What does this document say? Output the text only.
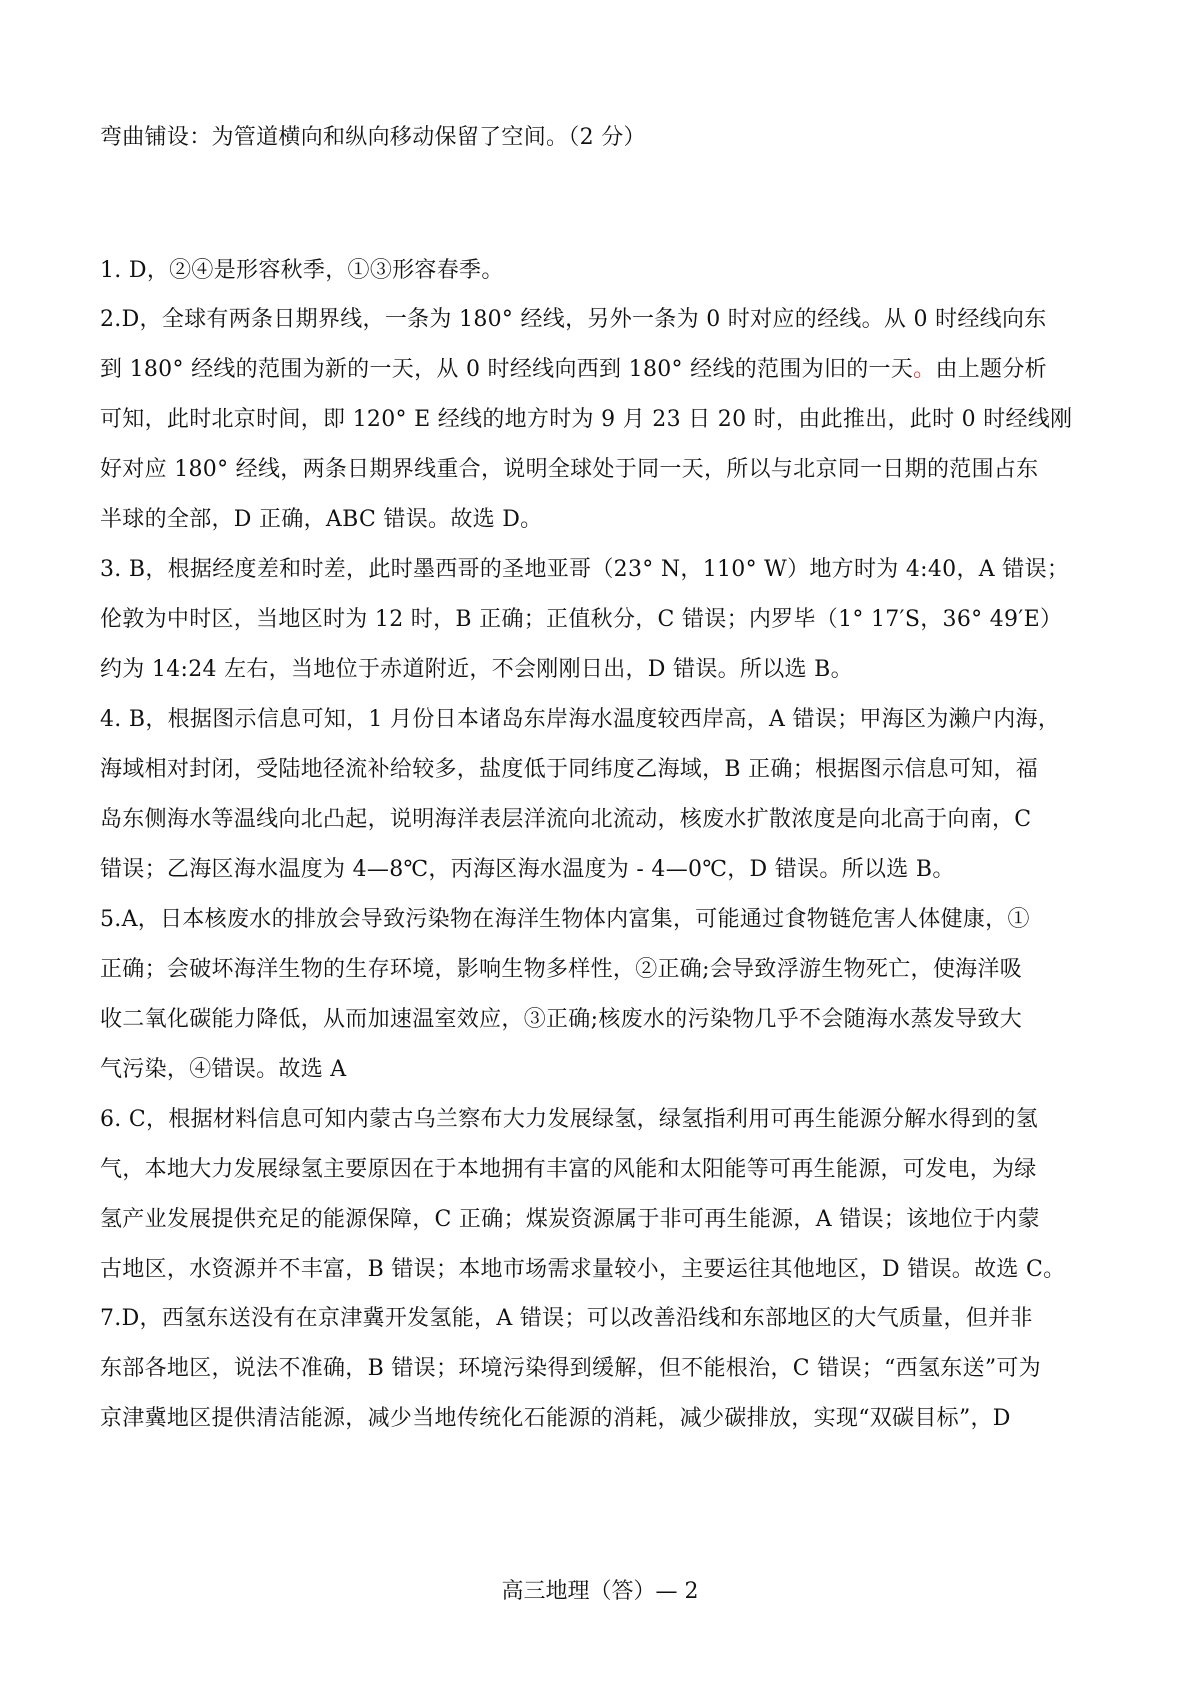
弯曲铺设：为管道横向和纵向移动保留了空间。（2 分）
1. D，②④是形容秋季，①③形容春季。
2.D，全球有两条日期界线，一条为 180° 经线，另外一条为 0 时对应的经线。从 0 时经线向东
到 180° 经线的范围为新的一天，从 0 时经线向西到 180° 经线的范围为旧的一天。由上题分析
可知，此时北京时间，即 120° E 经线的地方时为 9 月 23 日 20 时，由此推出，此时 0 时经线刚
好对应 180° 经线，两条日期界线重合，说明全球处于同一天，所以与北京同一日期的范围占东
半球的全部，D 正确，ABC 错误。故选 D。
3. B，根据经度差和时差，此时墨西哥的圣地亚哥（23° N，110° W）地方时为 4:40，A 错误；
伦敦为中时区，当地区时为 12 时，B 正确；正值秋分，C 错误；内罗毕（1° 17′S，36° 49′E）
约为 14:24 左右，当地位于赤道附近，不会刚刚日出，D 错误。所以选 B。
4. B，根据图示信息可知，1 月份日本诸岛东岸海水温度较西岸高，A 错误；甲海区为濑户内海，
海域相对封闭，受陆地径流补给较多，盐度低于同纬度乙海域，B 正确；根据图示信息可知，福
岛东侧海水等温线向北凸起，说明海洋表层洋流向北流动，核废水扩散浓度是向北高于向南，C
错误；乙海区海水温度为 4—8℃，丙海区海水温度为 - 4—0℃，D 错误。所以选 B。
5.A，日本核废水的排放会导致污染物在海洋生物体内富集，可能通过食物链危害人体健康，①
正确；会破坏海洋生物的生存环境，影响生物多样性，②正确;会导致浮游生物死亡，使海洋吸
收二氧化碳能力降低，从而加速温室效应，③正确;核废水的污染物几乎不会随海水蒸发导致大
气污染，④错误。故选 A
6. C，根据材料信息可知内蒙古乌兰察布大力发展绿氢，绿氢指利用可再生能源分解水得到的氢
气，本地大力发展绿氢主要原因在于本地拥有丰富的风能和太阳能等可再生能源，可发电，为绿
氢产业发展提供充足的能源保障，C 正确；煤炭资源属于非可再生能源，A 错误；该地位于内蒙
古地区，水资源并不丰富，B 错误；本地市场需求量较小，主要运往其他地区，D 错误。故选 C。
7.D，西氢东送没有在京津冀开发氢能，A 错误；可以改善沿线和东部地区的大气质量，但并非
东部各地区，说法不准确，B 错误；环境污染得到缓解，但不能根治，C 错误；“西氢东送”可为
京津冀地区提供清洁能源，减少当地传统化石能源的消耗，减少碳排放，实现“双碳目标”，D
高三地理（答）— 2
